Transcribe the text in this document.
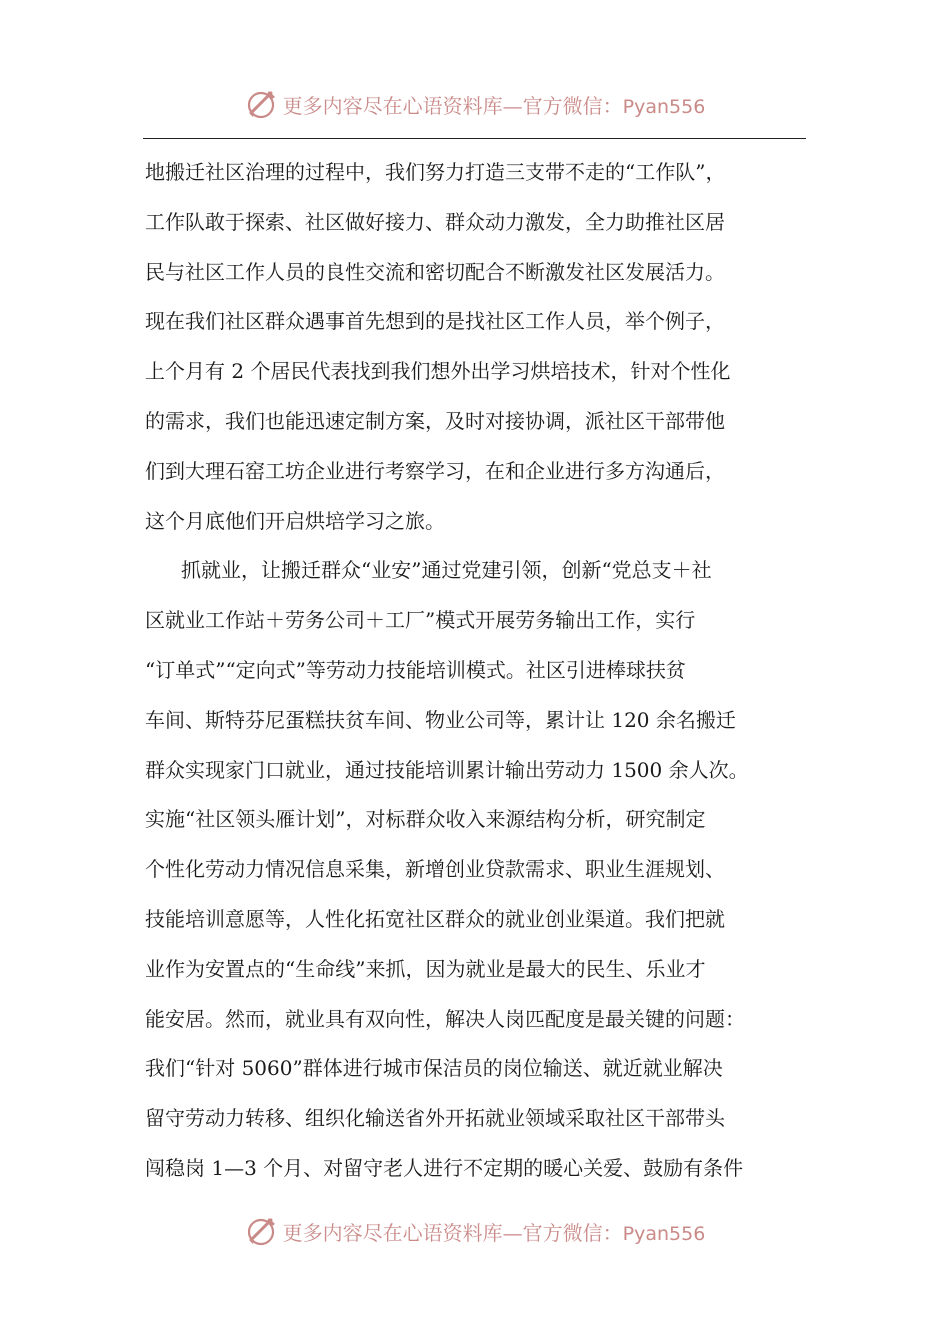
更多内容尽在心语资料库—官方微信：Pyan556
地搬迁社区治理的过程中，我们努力打造三支带不走的“工作队”，
工作队敢于探索、社区做好接力、群众动力激发，全力助推社区居
民与社区工作人员的良性交流和密切配合不断激发社区发展活力。
现在我们社区群众遇事首先想到的是找社区工作人员，举个例子，
上个月有 2 个居民代表找到我们想外出学习烘培技术，针对个性化
的需求，我们也能迅速定制方案，及时对接协调，派社区干部带他
们到大理石窑工坊企业进行考察学习，在和企业进行多方沟通后，
这个月底他们开启烘培学习之旅。
抓就业，让搬迁群众“业安”通过党建引领，创新“党总支＋社
区就业工作站＋劳务公司＋工厂”模式开展劳务输出工作，实行
“订单式”“定向式”等劳动力技能培训模式。社区引进棒球扶贫
车间、斯特芬尼蛋糕扶贫车间、物业公司等，累计让 120 余名搬迁
群众实现家门口就业，通过技能培训累计输出劳动力 1500 余人次。
实施“社区领头雁计划”，对标群众收入来源结构分析，研究制定
个性化劳动力情况信息采集，新增创业贷款需求、职业生涯规划、
技能培训意愿等，人性化拓宽社区群众的就业创业渠道。我们把就
业作为安置点的“生命线”来抓，因为就业是最大的民生、乐业才
能安居。然而，就业具有双向性，解决人岗匹配度是最关键的问题：
我们“针对 5060”群体进行城市保洁员的岗位输送、就近就业解决
留守劳动力转移、组织化输送省外开拓就业领域采取社区干部带头
闯稳岗 1—3 个月、对留守老人进行不定期的暖心关爱、鼓励有条件
更多内容尽在心语资料库—官方微信：Pyan556
